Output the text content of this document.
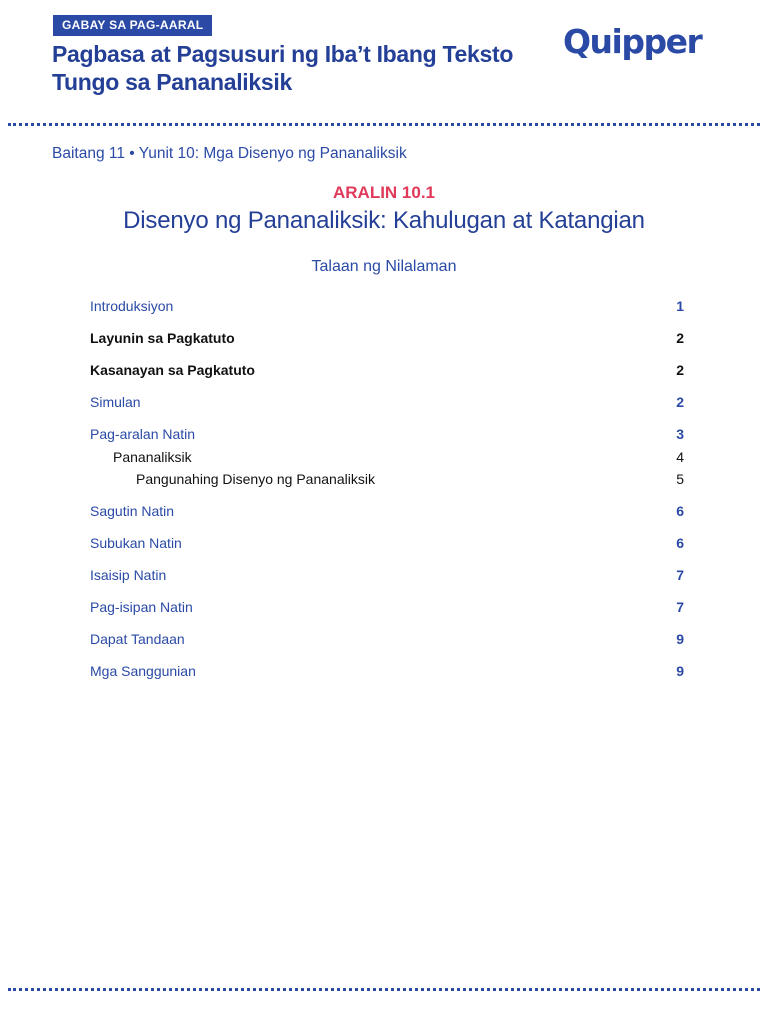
GABAY SA PAG-AARAL
Pagbasa at Pagsusuri ng Iba’t Ibang Teksto
Tungo sa Pananaliksik
Quipper
Baitang 11 • Yunit 10: Mga Disenyo ng Pananaliksik
ARALIN 10.1
Disenyo ng Pananaliksik: Kahulugan at Katangian
Talaan ng Nilalaman
Introduksiyon	1
Layunin sa Pagkatuto	2
Kasanayan sa Pagkatuto	2
Simulan	2
Pag-aralan Natin	3
Pananaliksik	4
Pangunahing Disenyo ng Pananaliksik	5
Sagutin Natin	6
Subukan Natin	6
Isaisip Natin	7
Pag-isipan Natin	7
Dapat Tandaan	9
Mga Sanggunian	9
